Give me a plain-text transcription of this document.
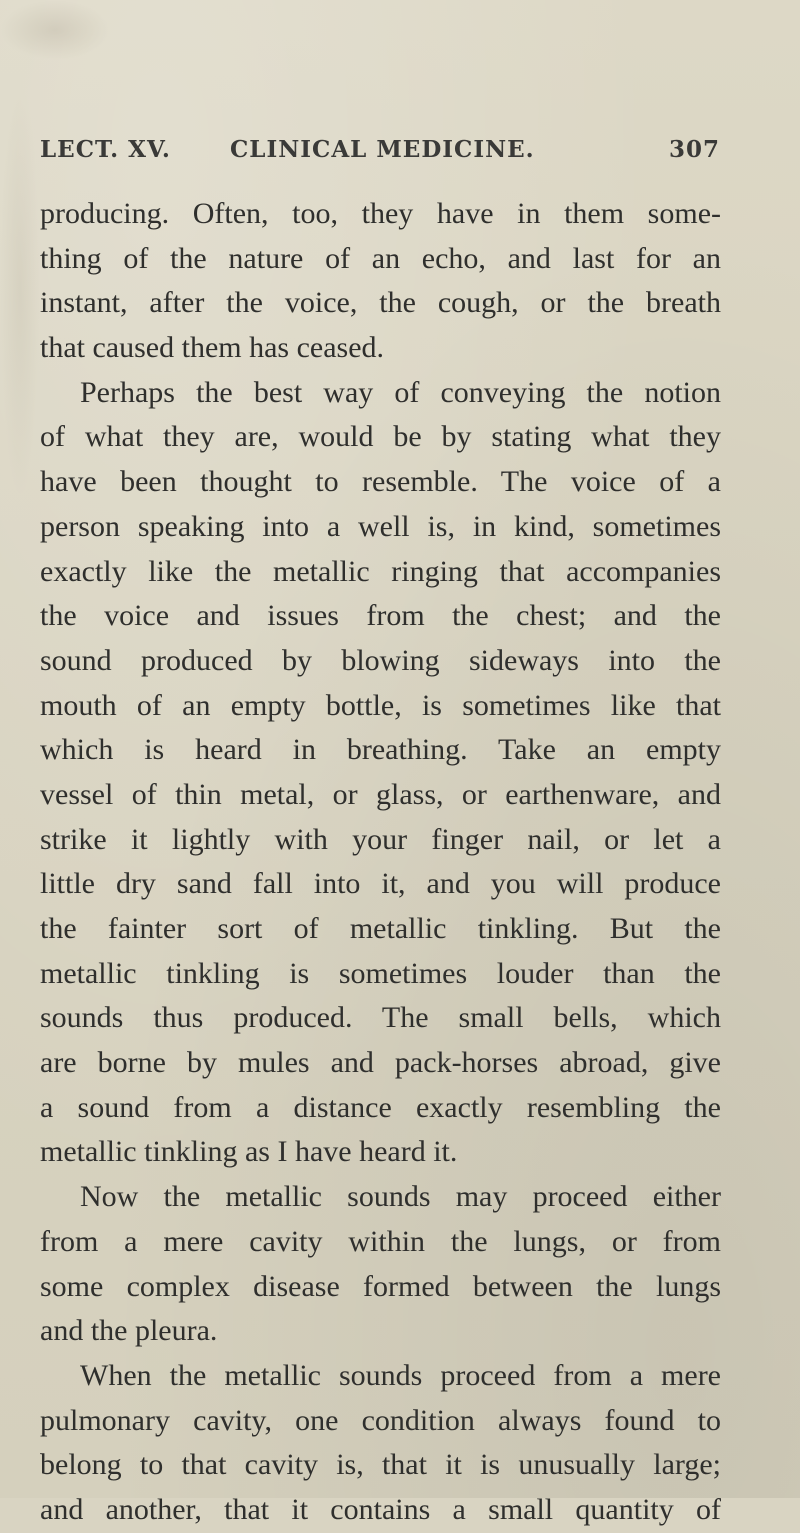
LECT. XV.	CLINICAL MEDICINE.	307
producing. Often, too, they have in them some-
thing of the nature of an echo, and last for an
instant, after the voice, the cough, or the breath
that caused them has ceased.
Perhaps the best way of conveying the notion
of what they are, would be by stating what they
have been thought to resemble. The voice of a
person speaking into a well is, in kind, sometimes
exactly like the metallic ringing that accompanies
the voice and issues from the chest; and the
sound produced by blowing sideways into the
mouth of an empty bottle, is sometimes like that
which is heard in breathing. Take an empty
vessel of thin metal, or glass, or earthenware, and
strike it lightly with your finger nail, or let a
little dry sand fall into it, and you will produce
the fainter sort of metallic tinkling. But the
metallic tinkling is sometimes louder than the
sounds thus produced. The small bells, which
are borne by mules and pack-horses abroad, give
a sound from a distance exactly resembling the
metallic tinkling as I have heard it.
Now the metallic sounds may proceed either
from a mere cavity within the lungs, or from
some complex disease formed between the lungs
and the pleura.
When the metallic sounds proceed from a mere
pulmonary cavity, one condition always found to
belong to that cavity is, that it is unusually large;
and another, that it contains a small quantity of
